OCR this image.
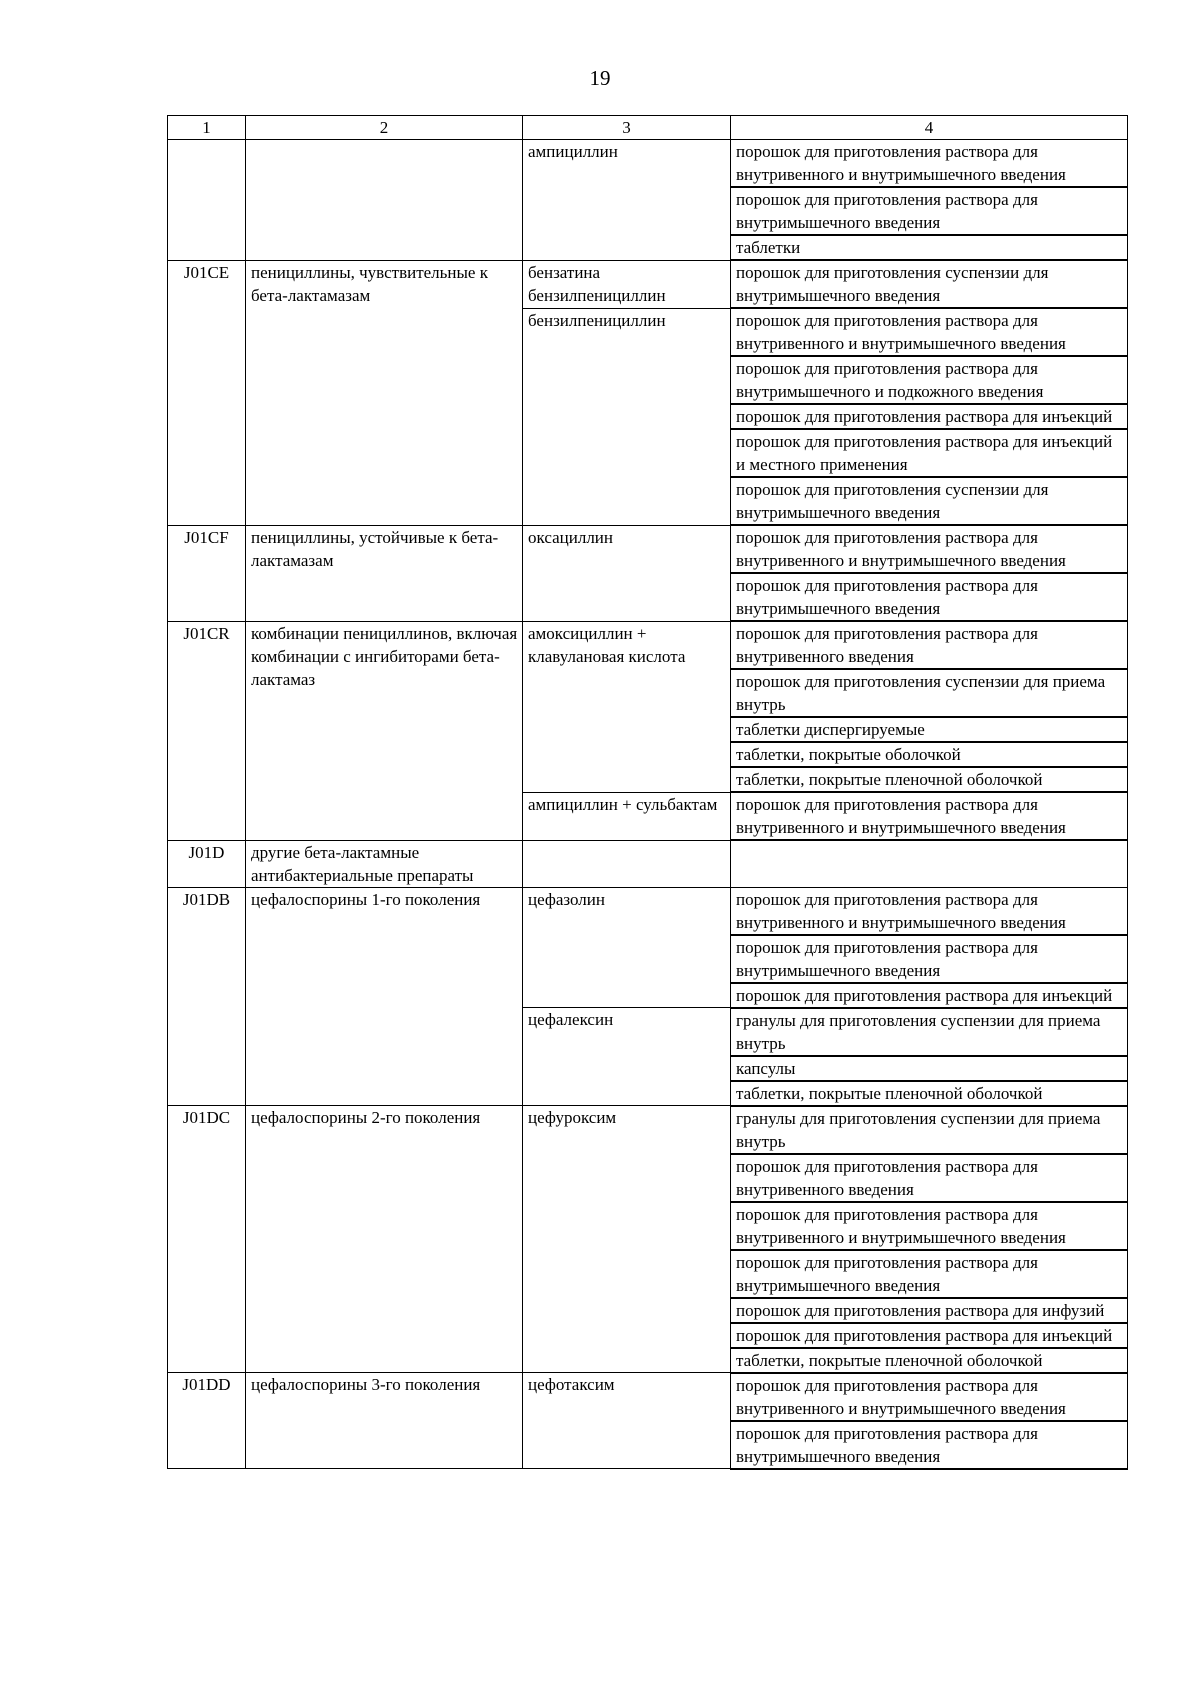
19
1	2	3	4
		ампициллин	порошок для приготовления раствора для внутривенного и внутримышечного введения
			порошок для приготовления раствора для внутримышечного введения
			таблетки
J01CE	пенициллины, чувствительные к бета-лактамазам	бензатина бензилпенициллин	порошок для приготовления суспензии для внутримышечного введения
		бензилпенициллин	порошок для приготовления раствора для внутривенного и внутримышечного введения
			порошок для приготовления раствора для внутримышечного и подкожного введения
			порошок для приготовления раствора для инъекций
			порошок для приготовления раствора для инъекций и местного применения
			порошок для приготовления суспензии для внутримышечного введения
J01CF	пенициллины, устойчивые к бета-лактамазам	оксациллин	порошок для приготовления раствора для внутривенного и внутримышечного введения
			порошок для приготовления раствора для внутримышечного введения
J01CR	комбинации пенициллинов, включая комбинации с ингибиторами бета-лактамаз	амоксициллин + клавулановая кислота	порошок для приготовления раствора для внутривенного введения
			порошок для приготовления суспензии для приема внутрь
			таблетки диспергируемые
			таблетки, покрытые оболочкой
			таблетки, покрытые пленочной оболочкой
		ампициллин + сульбактам	порошок для приготовления раствора для внутривенного и внутримышечного введения
J01D	другие бета-лактамные антибактериальные препараты		
J01DB	цефалоспорины 1-го поколения	цефазолин	порошок для приготовления раствора для внутривенного и внутримышечного введения
			порошок для приготовления раствора для внутримышечного введения
			порошок для приготовления раствора для инъекций
		цефалексин	гранулы для приготовления суспензии для приема внутрь
			капсулы
			таблетки, покрытые пленочной оболочкой
J01DC	цефалоспорины 2-го поколения	цефуроксим	гранулы для приготовления суспензии для приема внутрь
			порошок для приготовления раствора для внутривенного введения
			порошок для приготовления раствора для внутривенного и внутримышечного введения
			порошок для приготовления раствора для внутримышечного введения
			порошок для приготовления раствора для инфузий
			порошок для приготовления раствора для инъекций
			таблетки, покрытые пленочной оболочкой
J01DD	цефалоспорины 3-го поколения	цефотаксим	порошок для приготовления раствора для внутривенного и внутримышечного введения
			порошок для приготовления раствора для внутримышечного введения
